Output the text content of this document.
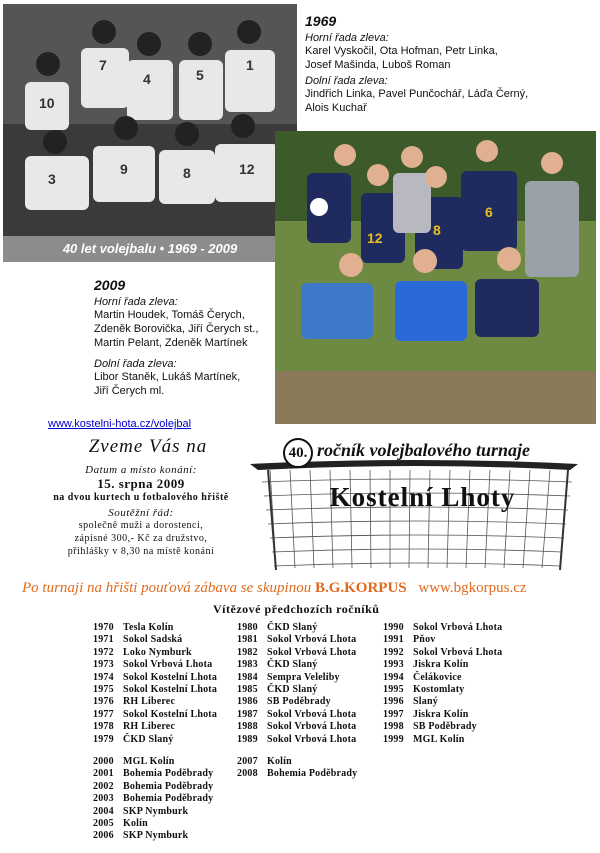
10
7
4	5
1
3
9	8	12
40 let volejbalu • 1969 - 2009
1969
Horní řada zleva:
Karel Vyskočil, Ota Hofman, Petr Linka,
Josef Mašinda, Luboš Roman
Dolní řada zleva:
Jindřich Linka, Pavel Punčochář, Láďa Černý,
Alois Kuchař
12	8
6
2009
Horní řada zleva:
Martin Houdek, Tomáš Čerych,
Zdeněk Borovička, Jiří Čerych st.,
Martin Pelant, Zdeněk Martínek
Dolní řada zleva:
Libor Staněk, Lukáš Martínek,
Jiří Čerych ml.
www.kostelni-hota.cz/volejbal
Zveme Vás na
Datum a místo konání:
15. srpna 2009
na dvou kurtech u fotbalového hřiště
Soutěžní řád:
společně muži a dorostenci,
zápisné 300,- Kč za družstvo,
přihlášky v 8,30 na místě konání
40. ročník volejbalového turnaje
Kostelní Lhoty
Po turnaji na hřišti pouťová zábava se skupinou B.G.KORPUS www.bgkorpus.cz
Vítězové předchozích ročníků
1970 Tesla Kolín
1971 Sokol Sadská
1972 Loko Nymburk
1973 Sokol Vrbová Lhota
1974 Sokol Kostelní Lhota
1975 Sokol Kostelní Lhota
1976 RH Liberec
1977 Sokol Kostelní Lhota
1978 RH Liberec
1979 ČKD Slaný
1980 ČKD Slaný
1981 Sokol Vrbová Lhota
1982 Sokol Vrbová Lhota
1983 ČKD Slaný
1984 Sempra Veleliby
1985 ČKD Slaný
1986 SB Poděbrady
1987 Sokol Vrbová Lhota
1988 Sokol Vrbová Lhota
1989 Sokol Vrbová Lhota
1990 Sokol Vrbová Lhota
1991 Pňov
1992 Sokol Vrbová Lhota
1993 Jiskra Kolín
1994 Čelákovice
1995 Kostomlaty
1996 Slaný
1997 Jiskra Kolín
1998 SB Poděbrady
1999 MGL Kolín
2000 MGL Kolín
2001 Bohemia Poděbrady
2002 Bohemia Poděbrady
2003 Bohemia Poděbrady
2004 SKP Nymburk
2005 Kolín
2006 SKP Nymburk
2007 Kolín
2008 Bohemia Poděbrady
